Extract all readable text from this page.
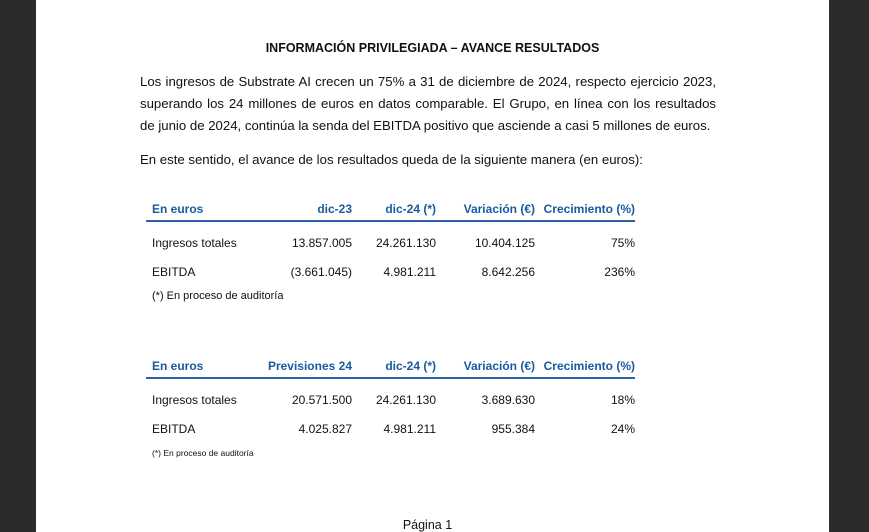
INFORMACIÓN PRIVILEGIADA – AVANCE RESULTADOS
Los ingresos de Substrate AI crecen un 75% a 31 de diciembre de 2024, respecto ejercicio 2023, superando los 24 millones de euros en datos comparable. El Grupo, en línea con los resultados de junio de 2024, continúa la senda del EBITDA positivo que asciende a casi 5 millones de euros.
En este sentido, el avance de los resultados queda de la siguiente manera (en euros):
En euros	dic-23	dic-24 (*)	Variación (€)	Crecimiento (%)
Ingresos totales	13.857.005	24.261.130	10.404.125	75%
EBITDA	(3.661.045)	4.981.211	8.642.256	236%
(*) En proceso de auditoría
En euros	Previsiones 24	dic-24 (*)	Variación (€)	Crecimiento (%)
Ingresos totales	20.571.500	24.261.130	3.689.630	18%
EBITDA	4.025.827	4.981.211	955.384	24%
(*) En proceso de auditoría
Página 1
